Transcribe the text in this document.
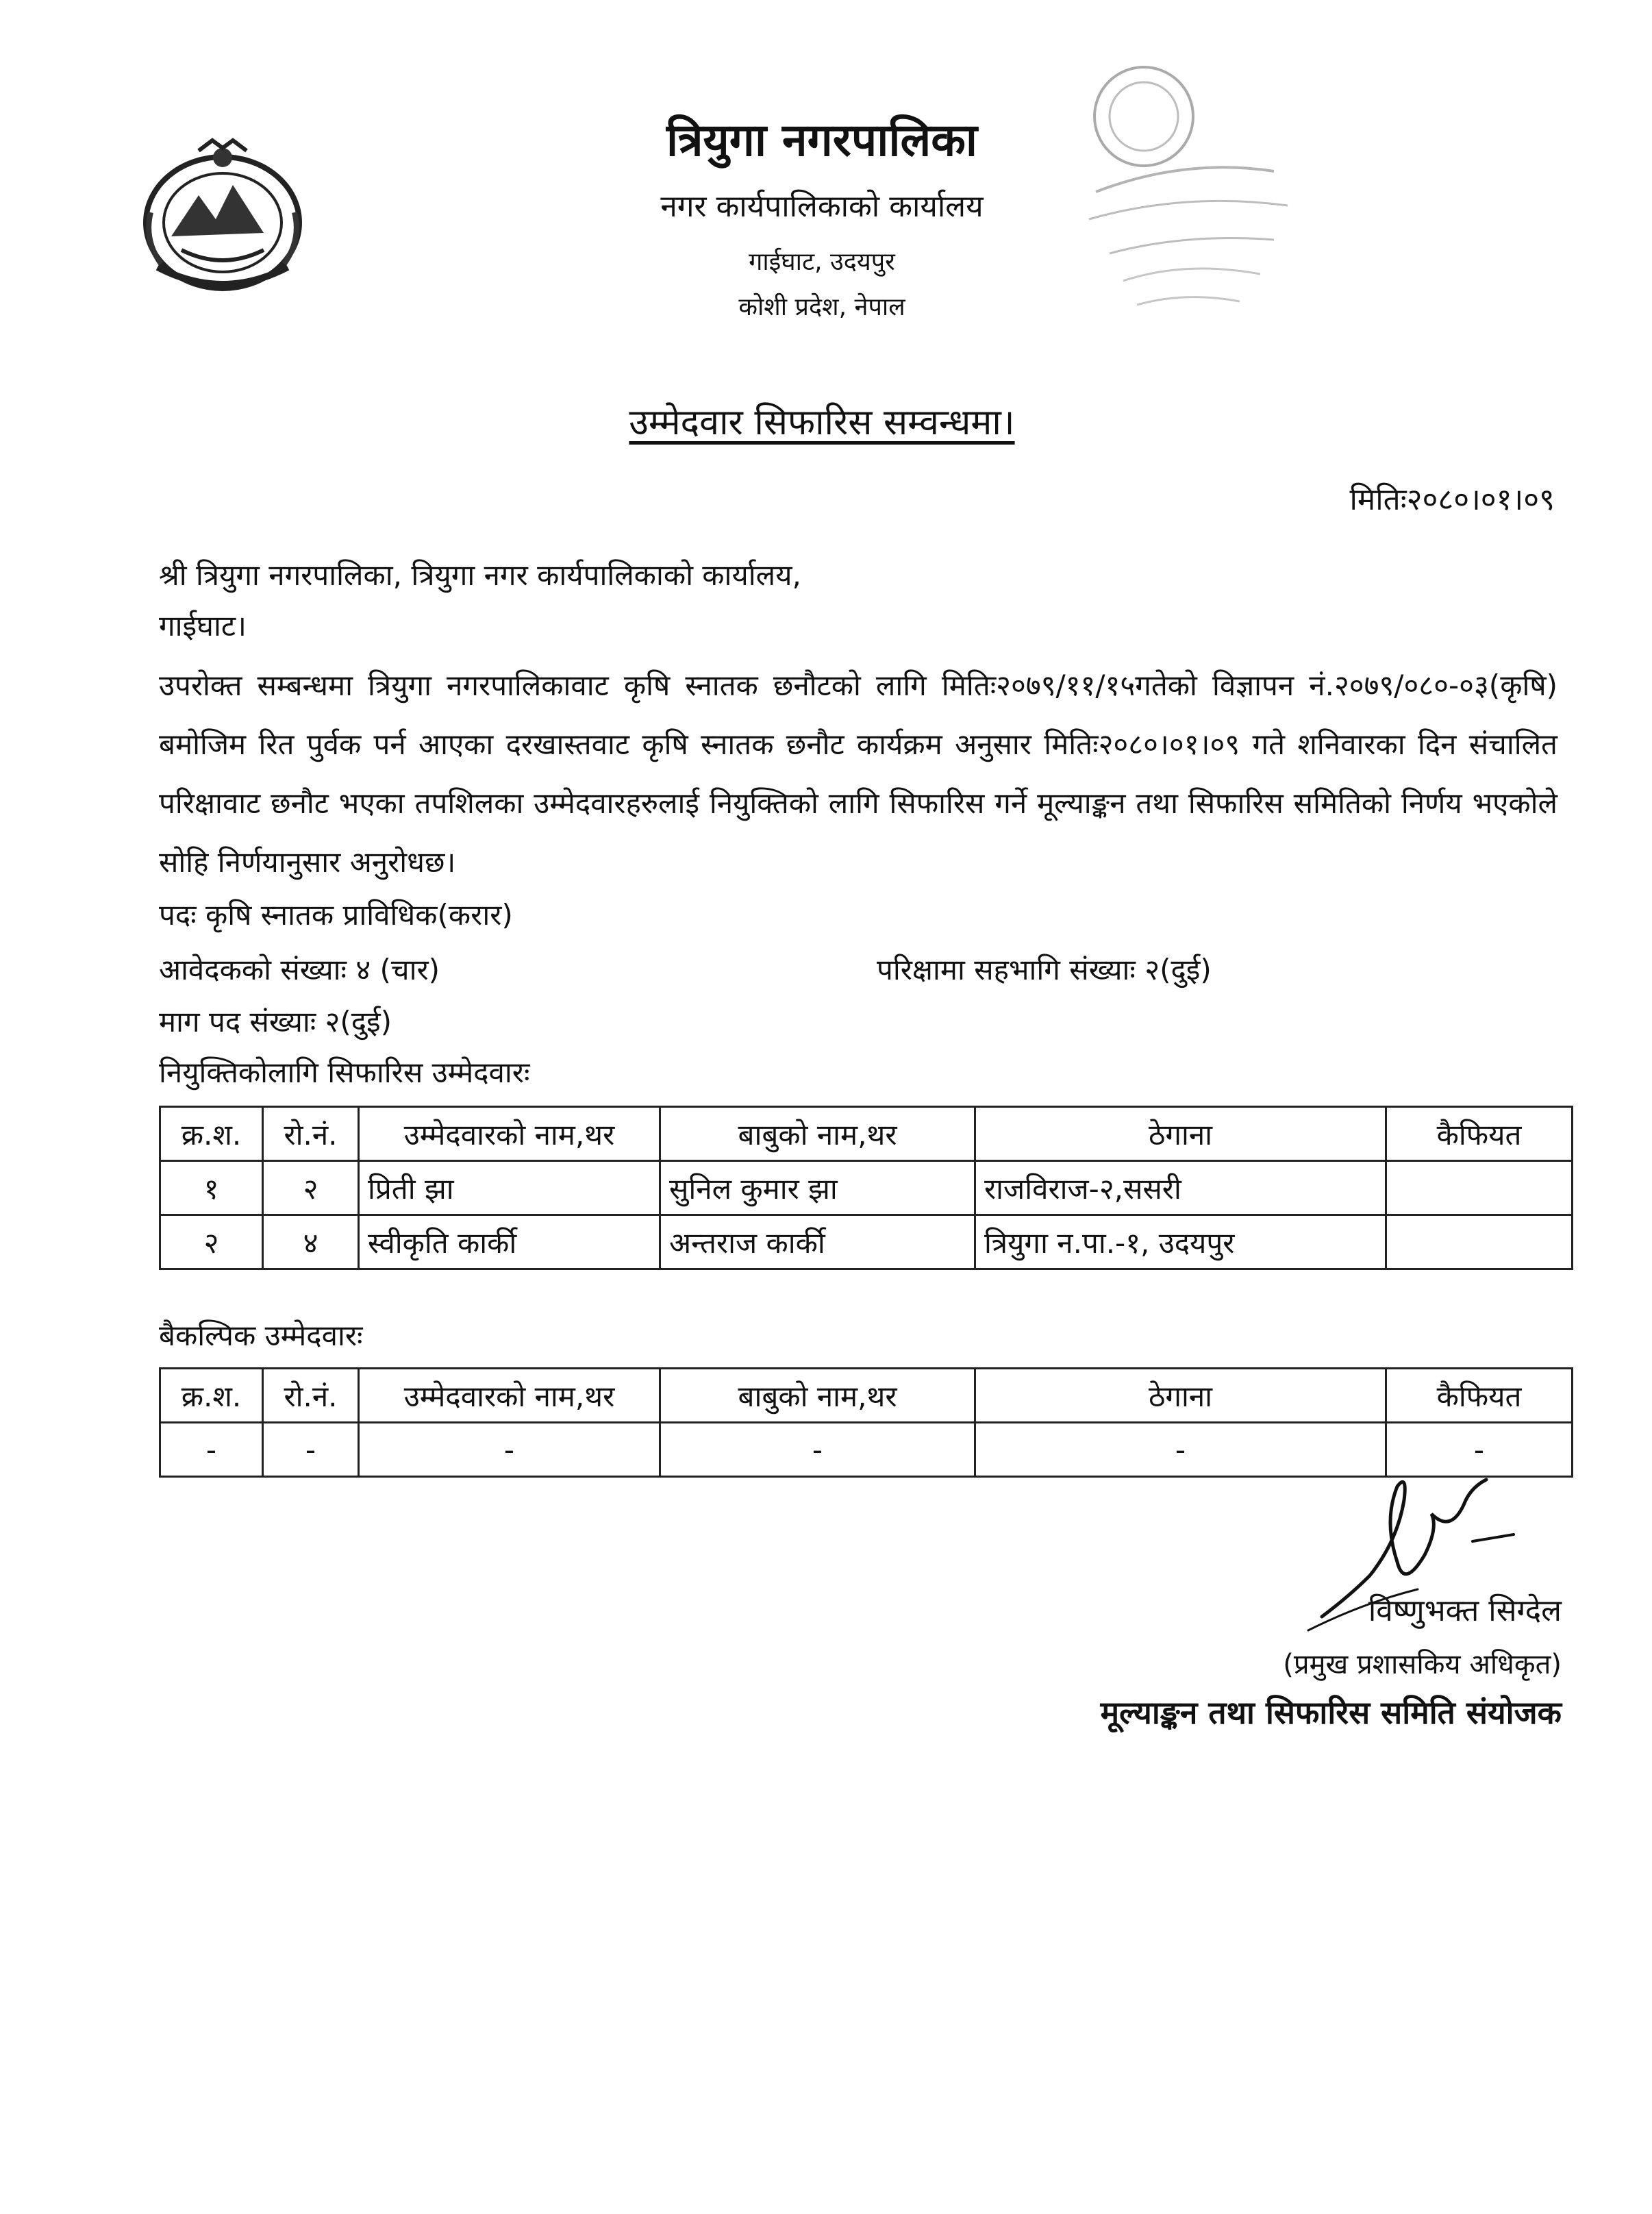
त्रियुगा नगरपालिका
नगर कार्यपालिकाको कार्यालय
गाईघाट, उदयपुर
कोशी प्रदेश, नेपाल
उम्मेदवार सिफारिस सम्वन्धमा।
मितिः२०८०।०१।०९
श्री त्रियुगा नगरपालिका, त्रियुगा नगर कार्यपालिकाको कार्यालय,
गाईघाट।
उपरोक्त सम्बन्धमा त्रियुगा नगरपालिकावाट कृषि स्नातक छनौटको लागि मितिः२०७९/११/१५गतेको विज्ञापन नं.२०७९/०८०-०३(कृषि) बमोजिम रित पुर्वक पर्न आएका दरखास्तवाट कृषि स्नातक छनौट कार्यक्रम अनुसार मितिः२०८०।०१।०९ गते शनिवारका दिन संचालित परिक्षावाट छनौट भएका तपशिलका उम्मेदवारहरुलाई नियुक्तिको लागि सिफारिस गर्ने मूल्याङ्कन तथा सिफारिस समितिको निर्णय भएकोले सोहि निर्णयानुसार अनुरोधछ।
पदः कृषि स्नातक प्राविधिक(करार)
आवेदकको संख्याः ४ (चार)	परिक्षामा सहभागि संख्याः २(दुई)
माग पद संख्याः २(दुई)
नियुक्तिकोलागि सिफारिस उम्मेदवारः
क्र.श.	रो.नं.	उम्मेदवारको नाम,थर	बाबुको नाम,थर	ठेगाना	कैफियत
१	२	प्रिती झा	सुनिल कुमार झा	राजविराज-२,ससरी	
२	४	स्वीकृति कार्की	अन्तराज कार्की	त्रियुगा न.पा.-१, उदयपुर	
बैकल्पिक उम्मेदवारः
क्र.श.	रो.नं.	उम्मेदवारको नाम,थर	बाबुको नाम,थर	ठेगाना	कैफियत
-	-	-	-	-	-
विष्णुभक्त सिग्देल
(प्रमुख प्रशासकिय अधिकृत)
मूल्याङ्कन तथा सिफारिस समिति संयोजक
